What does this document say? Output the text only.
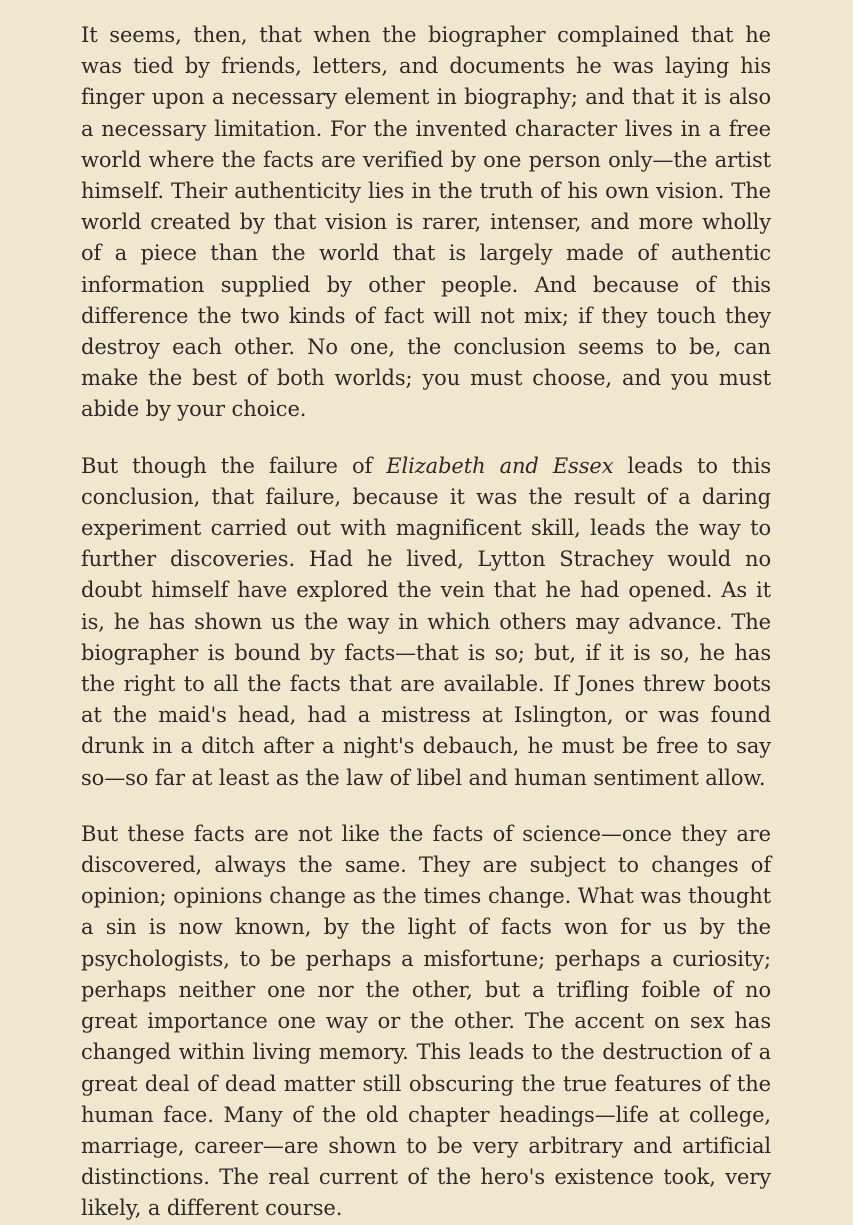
It seems, then, that when the biographer complained that he was tied by friends, letters, and documents he was laying his finger upon a necessary element in biography; and that it is also a necessary limitation. For the invented character lives in a free world where the facts are verified by one person only—the artist himself. Their authenticity lies in the truth of his own vision. The world created by that vision is rarer, intenser, and more wholly of a piece than the world that is largely made of authentic information supplied by other people. And because of this difference the two kinds of fact will not mix; if they touch they destroy each other. No one, the conclusion seems to be, can make the best of both worlds; you must choose, and you must abide by your choice.

But though the failure of Elizabeth and Essex leads to this conclusion, that failure, because it was the result of a daring experiment carried out with magnificent skill, leads the way to further discoveries. Had he lived, Lytton Strachey would no doubt himself have explored the vein that he had opened. As it is, he has shown us the way in which others may advance. The biographer is bound by facts—that is so; but, if it is so, he has the right to all the facts that are available. If Jones threw boots at the maid's head, had a mistress at Islington, or was found drunk in a ditch after a night's debauch, he must be free to say so—so far at least as the law of libel and human sentiment allow.

But these facts are not like the facts of science—once they are discovered, always the same. They are subject to changes of opinion; opinions change as the times change. What was thought a sin is now known, by the light of facts won for us by the psychologists, to be perhaps a misfortune; perhaps a curiosity; perhaps neither one nor the other, but a trifling foible of no great importance one way or the other. The accent on sex has changed within living memory. This leads to the destruction of a great deal of dead matter still obscuring the true features of the human face. Many of the old chapter headings—life at college, marriage, career—are shown to be very arbitrary and artificial distinctions. The real current of the hero's existence took, very likely, a different course.
